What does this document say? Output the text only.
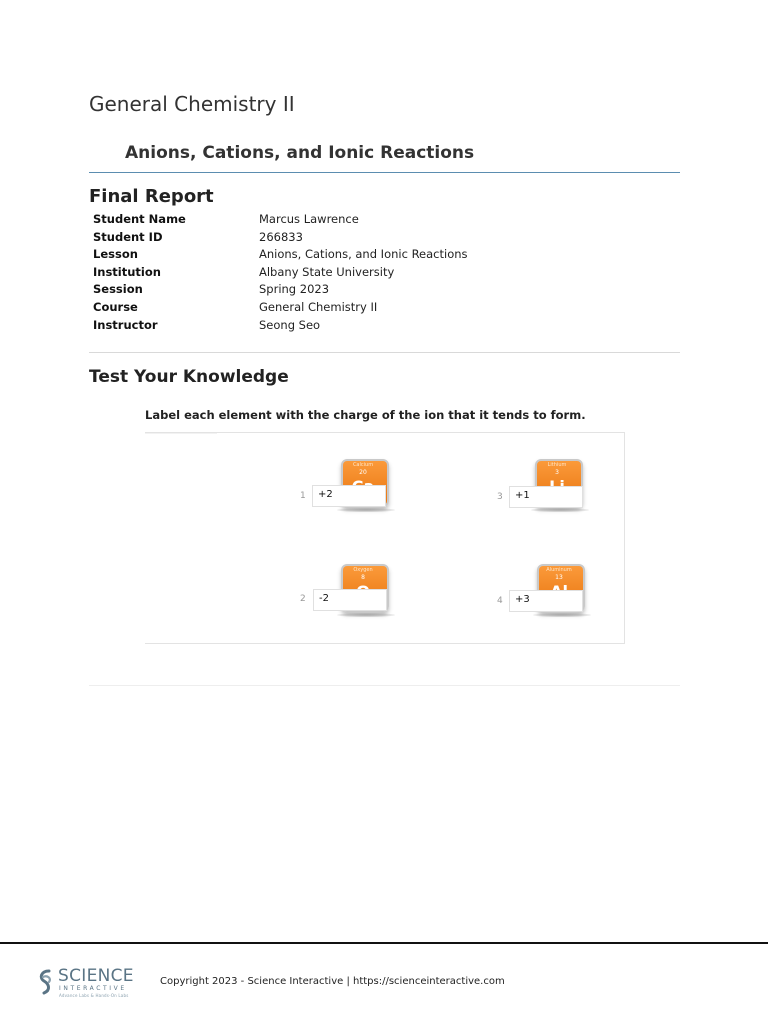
General Chemistry II
Anions, Cations, and Ionic Reactions
Final Report
Student Name	Marcus Lawrence
Student ID	266833
Lesson	Anions, Cations, and Ionic Reactions
Institution	Albany State University
Session	Spring 2023
Course	General Chemistry II
Instructor	Seong Seo
Test Your Knowledge

Label each element with the charge of the ion that it tends to form.

Calcium
20
1	+2
Oxygen
8
2	-2
Lithium
3
3	+1
Aluminum
13
4	+3
SCIENCE
INTERACTIVE
Advance Labs & Hands-On Labs

Copyright 2023 - Science Interactive | https://scienceinteractive.com
